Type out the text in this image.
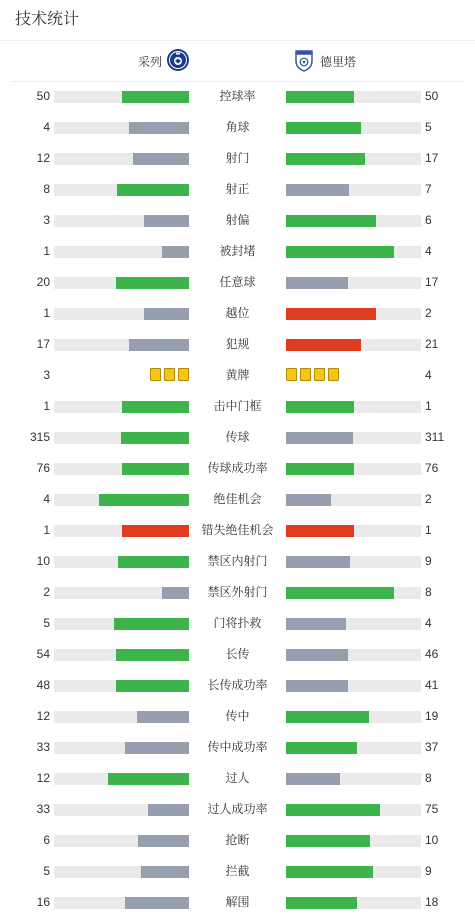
技术统计
采列	德里塔
50	控球率	50
4	角球	5
12	射门	17
8	射正	7
3	射偏	6
1	被封堵	4
20	任意球	17
1	越位	2
17	犯规	21
3	黄牌	4
1	击中门框	1
315	传球	311
76	传球成功率	76
4	绝佳机会	2
1	错失绝佳机会	1
10	禁区内射门	9
2	禁区外射门	8
5	门将扑救	4
54	长传	46
48	长传成功率	41
12	传中	19
33	传中成功率	37
12	过人	8
33	过人成功率	75
6	抢断	10
5	拦截	9
16	解围	18
